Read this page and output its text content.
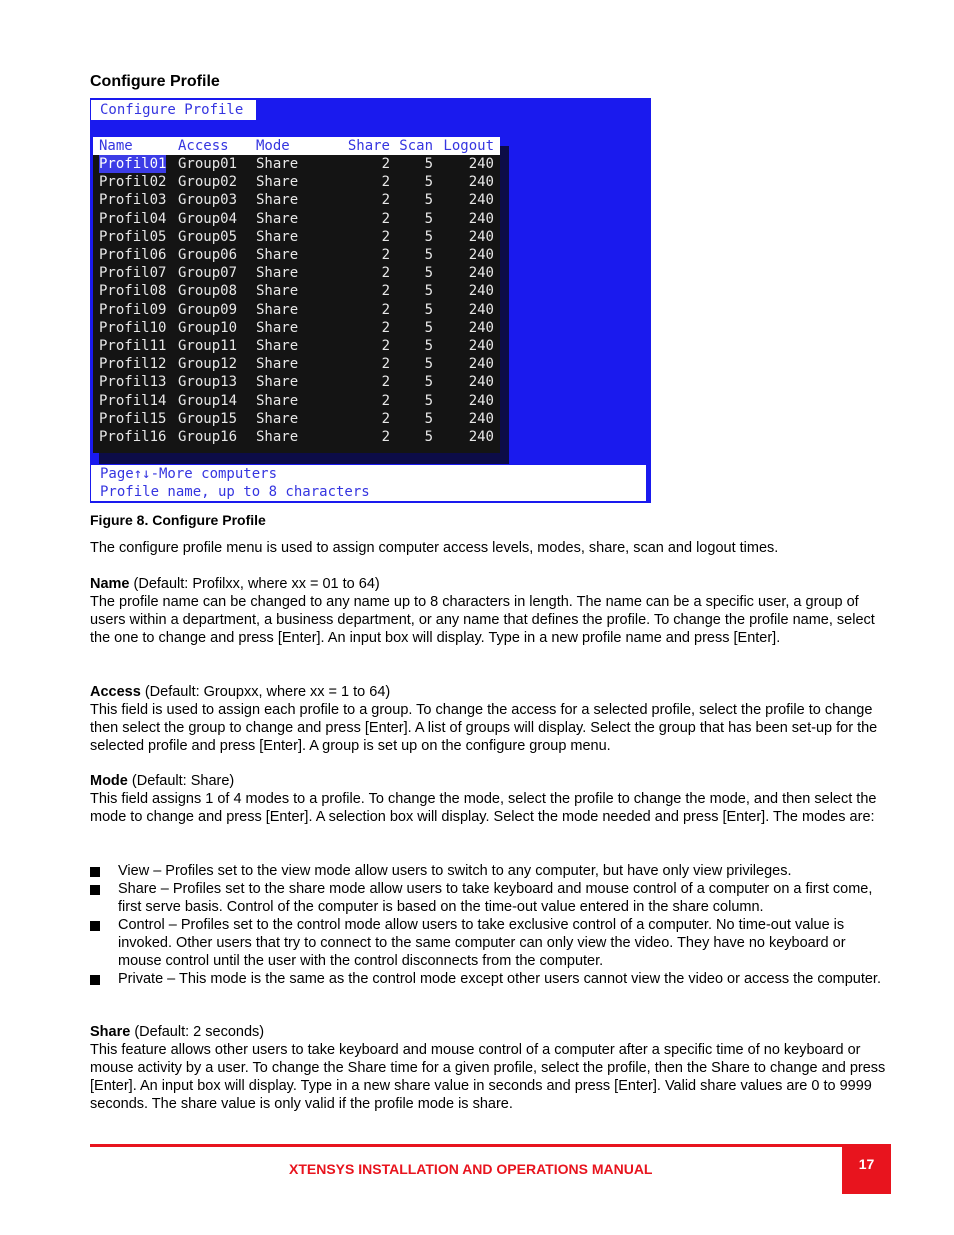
Configure Profile
Configure Profile
Name	Access Mode	Share Scan Logout
Profil01 Group01 Share	2	5	240
Profil02 Group02 Share	2	5	240
Profil03 Group03 Share	2	5	240
Profil04 Group04 Share	2	5	240
Profil05 Group05 Share	2	5	240
Profil06 Group06 Share	2	5	240
Profil07 Group07 Share	2	5	240
Profil08 Group08 Share	2	5	240
Profil09 Group09 Share	2	5	240
Profil10 Group10 Share	2	5	240
Profil11 Group11 Share	2	5	240
Profil12 Group12 Share	2	5	240
Profil13 Group13 Share	2	5	240
Profil14 Group14 Share	2	5	240
Profil15 Group15 Share	2	5	240
Profil16 Group16 Share	2	5	240
Page↑↓-More computers
Profile name, up to 8 characters
Figure 8. Configure Profile
The configure profile menu is used to assign computer access levels, modes, share, scan and logout times.
Name (Default: Profilxx, where xx = 01 to 64)
The profile name can be changed to any name up to 8 characters in length. The name can be a specific user, a group of users within a department, a business department, or any name that defines the profile. To change the profile name, select the one to change and press [Enter]. An input box will display. Type in a new profile name and press [Enter].
Access (Default: Groupxx, where xx = 1 to 64)
This field is used to assign each profile to a group. To change the access for a selected profile, select the profile to change then select the group to change and press [Enter]. A list of groups will display. Select the group that has been set-up for the selected profile and press [Enter]. A group is set up on the configure group menu.
Mode (Default: Share)
This field assigns 1 of 4 modes to a profile. To change the mode, select the profile to change the mode, and then select the mode to change and press [Enter]. A selection box will display. Select the mode needed and press [Enter]. The modes are:
View – Profiles set to the view mode allow users to switch to any computer, but have only view privileges.
Share – Profiles set to the share mode allow users to take keyboard and mouse control of a computer on a first come, first serve basis. Control of the computer is based on the time-out value entered in the share column.
Control – Profiles set to the control mode allow users to take exclusive control of a computer. No time-out value is invoked. Other users that try to connect to the same computer can only view the video. They have no keyboard or mouse control until the user with the control disconnects from the computer.
Private – This mode is the same as the control mode except other users cannot view the video or access the computer.
Share (Default: 2 seconds)
This feature allows other users to take keyboard and mouse control of a computer after a specific time of no keyboard or mouse activity by a user. To change the Share time for a given profile, select the profile, then the Share to change and press [Enter]. An input box will display. Type in a new share value in seconds and press [Enter]. Valid share values are 0 to 9999 seconds. The share value is only valid if the profile mode is share.
XTENSYS INSTALLATION AND OPERATIONS MANUAL	17
